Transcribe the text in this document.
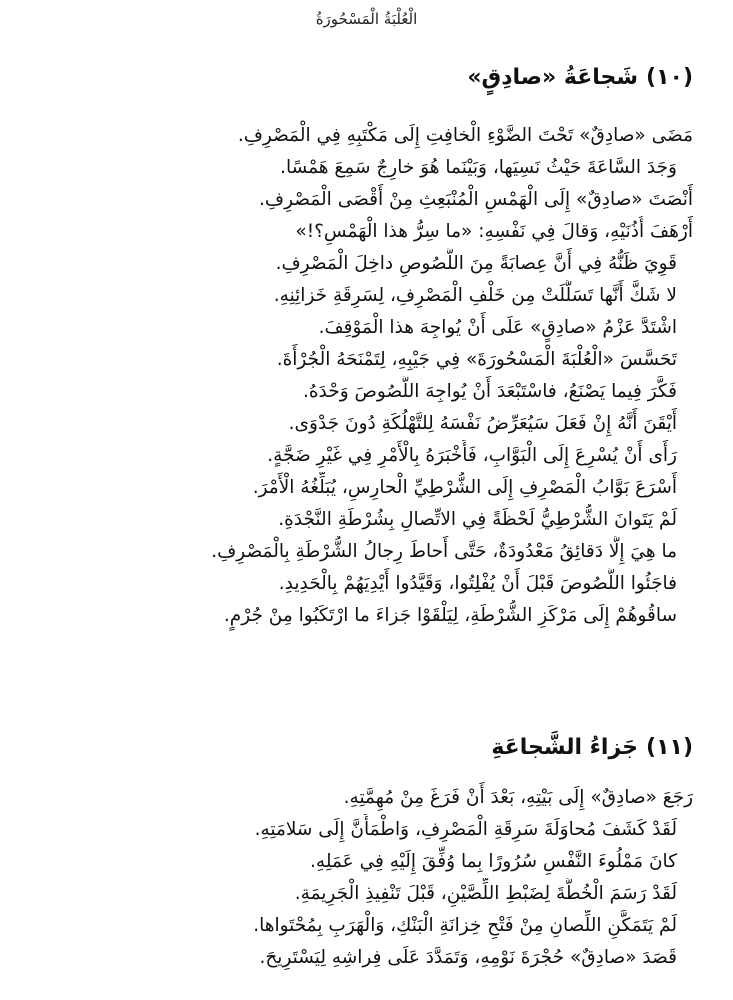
الْعُلْبَةُ الْمَسْحُورَةُ
(١٠)شَجاعَةُ «صادِقٍ»
مَضَى «صادِقٌ» تَحْتَ الضَّوْءِ الْخافِتِ إِلَى مَكْتَبِهِ فِي الْمَصْرِفِ.
وَجَدَ السَّاعَةَ حَيْثُ نَسِيَها، وَبَيْنَما هُوَ خارِجٌ سَمِعَ هَمْسًا.
أَنْصَتَ «صادِقٌ» إِلَى الْهَمْسِ الْمُنْبَعِثِ مِنْ أَقْصَى الْمَصْرِفِ.
أَرْهَفَ أُذُنَيْهِ، وَقالَ فِي نَفْسِهِ: «ما سِرُّ هذا الْهَمْسِ؟!»
قَوِيَ ظَنُّهُ فِي أَنَّ عِصابَةً مِنَ اللُّصُوصِ داخِلَ الْمَصْرِفِ.
لا شَكَّ أَنَّها تَسَلَّلَتْ مِن خَلْفِ الْمَصْرِفِ، لِسَرِقَةِ خَزائِنِهِ.
اشْتَدَّ عَزْمُ «صادِقٍ» عَلَى أَنْ يُواجِهَ هذا الْمَوْقِفَ.
تَحَسَّسَ «الْعُلْبَةَ الْمَسْحُورَةَ» فِي جَيْبِهِ، لِتَمْنَحَهُ الْجُرْأَةَ.
فَكَّرَ فِيما يَصْنَعُ، فاسْتَبْعَدَ أَنْ يُواجِهَ اللُّصُوصَ وَحْدَهُ.
أَيْقَنَ أَنَّهُ إِنْ فَعَلَ سَيُعَرِّضُ نَفْسَهُ لِلتَّهْلُكَةِ دُونَ جَدْوَى.
رَأَى أَنْ يُسْرِعَ إِلَى الْبَوَّابِ، فَأَخْبَرَهُ بِالْأَمْرِ فِي غَيْرِ ضَجَّةٍ.
أَسْرَعَ بَوَّابُ الْمَصْرِفِ إِلَى الشُّرْطِيِّ الْحارِسِ، يُبَلِّغُهُ الْأَمْرَ.
لَمْ يَتَوانَ الشُّرْطِيُّ لَحْظَةً فِي الاتِّصالِ بِشُرْطَةِ النَّجْدَةِ.
ما هِيَ إِلَّا دَقائِقُ مَعْدُودَةٌ، حَتَّى أَحاطَ رِجالُ الشُّرْطَةِ بِالْمَصْرِفِ.
فاجَئُوا اللُّصُوصَ قَبْلَ أَنْ يُفْلِتُوا، وَقَيَّدُوا أَيْدِيَهُمْ بِالْحَدِيدِ.
ساقُوهُمْ إِلَى مَرْكَزِ الشُّرْطَةِ، لِيَلْقَوْا جَزاءَ ما ارْتَكَبُوا مِنْ جُرْمٍ.
(١١)جَزاءُ الشَّجاعَةِ
رَجَعَ «صادِقٌ» إِلَى بَيْتِهِ، بَعْدَ أَنْ فَرَغَ مِنْ مُهِمَّتِهِ.
لَقَدْ كَشَفَ مُحاوَلَةَ سَرِقَةِ الْمَصْرِفِ، وَاطْمَأَنَّ إِلَى سَلامَتِهِ.
كانَ مَمْلُوءَ النَّفْسِ سُرُورًا بِما وُفِّقَ إِلَيْهِ فِي عَمَلِهِ.
لَقَدْ رَسَمَ الْخُطَّةَ لِضَبْطِ اللِّصَّيْنِ، قَبْلَ تَنْفِيذِ الْجَرِيمَةِ.
لَمْ يَتَمَكَّنِ اللِّصانِ مِنْ فَتْحِ خِزانَةِ الْبَنْكِ، وَالْهَرَبِ بِمُحْتَواها.
قَصَدَ «صادِقٌ» حُجْرَةَ نَوْمِهِ، وَتَمَدَّدَ عَلَى فِراشِهِ لِيَسْتَرِيحَ.
